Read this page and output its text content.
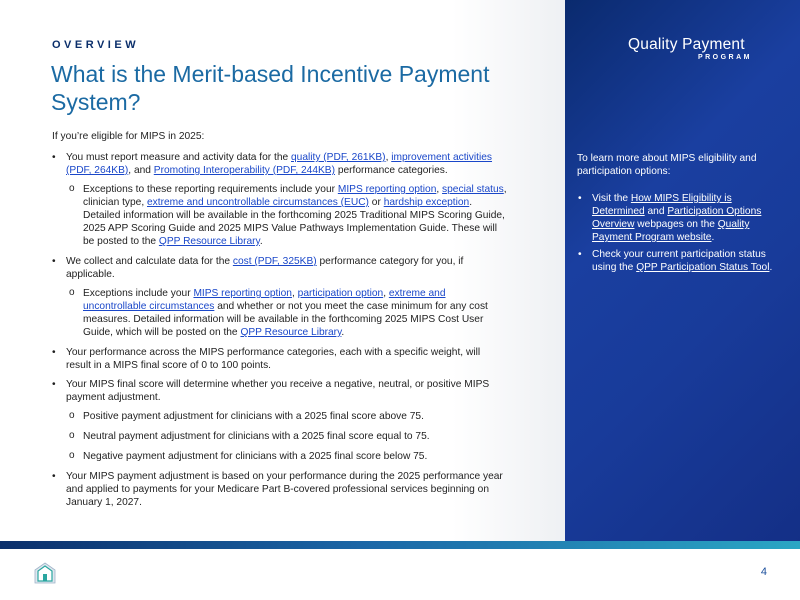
OVERVIEW
What is the Merit-based Incentive Payment System?

If you’re eligible for MIPS in 2025:

• You must report measure and activity data for the quality (PDF, 261KB), improvement activities (PDF, 264KB), and Promoting Interoperability (PDF, 244KB) performance categories.
o Exceptions to these reporting requirements include your MIPS reporting option, special status, clinician type, extreme and uncontrollable circumstances (EUC) or hardship exception. Detailed information will be available in the forthcoming 2025 Traditional MIPS Scoring Guide, 2025 APP Scoring Guide and 2025 MIPS Value Pathways Implementation Guide. These will be posted to the QPP Resource Library.
• We collect and calculate data for the cost (PDF, 325KB) performance category for you, if applicable.
o Exceptions include your MIPS reporting option, participation option, extreme and uncontrollable circumstances and whether or not you meet the case minimum for any cost measures. Detailed information will be available in the forthcoming 2025 MIPS Cost User Guide, which will be posted on the QPP Resource Library.
• Your performance across the MIPS performance categories, each with a specific weight, will result in a MIPS final score of 0 to 100 points.
• Your MIPS final score will determine whether you receive a negative, neutral, or positive MIPS payment adjustment.
o Positive payment adjustment for clinicians with a 2025 final score above 75.
o Neutral payment adjustment for clinicians with a 2025 final score equal to 75.
o Negative payment adjustment for clinicians with a 2025 final score below 75.
• Your MIPS payment adjustment is based on your performance during the 2025 performance year and applied to payments for your Medicare Part B-covered professional services beginning on January 1, 2027.
Quality Payment
PROGRAM

To learn more about MIPS eligibility and participation options:

• Visit the How MIPS Eligibility is Determined and Participation Options Overview webpages on the Quality Payment Program website.
• Check your current participation status using the QPP Participation Status Tool.
4
